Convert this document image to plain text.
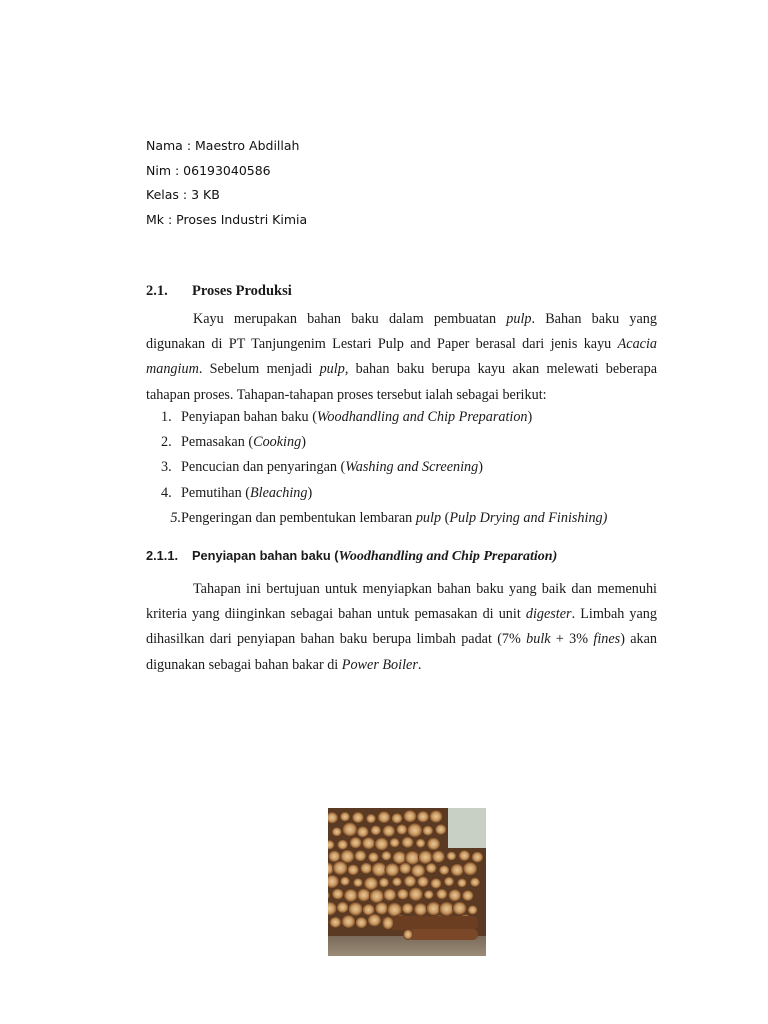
Nama : Maestro Abdillah
Nim : 06193040586
Kelas : 3 KB
Mk : Proses Industri Kimia
2.1. Proses Produksi
Kayu merupakan bahan baku dalam pembuatan pulp. Bahan baku yang digunakan di PT Tanjungenim Lestari Pulp and Paper berasal dari jenis kayu Acacia mangium. Sebelum menjadi pulp, bahan baku berupa kayu akan melewati beberapa tahapan proses. Tahapan-tahapan proses tersebut ialah sebagai berikut:
1. Penyiapan bahan baku (Woodhandling and Chip Preparation)
2. Pemasakan (Cooking)
3. Pencucian dan penyaringan (Washing and Screening)
4. Pemutihan (Bleaching)
5.Pengeringan dan pembentukan lembaran pulp (Pulp Drying and Finishing)
2.1.1. Penyiapan bahan baku (Woodhandling and Chip Preparation)
Tahapan ini bertujuan untuk menyiapkan bahan baku yang baik dan memenuhi kriteria yang diinginkan sebagai bahan untuk pemasakan di unit digester. Limbah yang dihasilkan dari penyiapan bahan baku berupa limbah padat (7% bulk + 3% fines) akan digunakan sebagai bahan bakar di Power Boiler.
